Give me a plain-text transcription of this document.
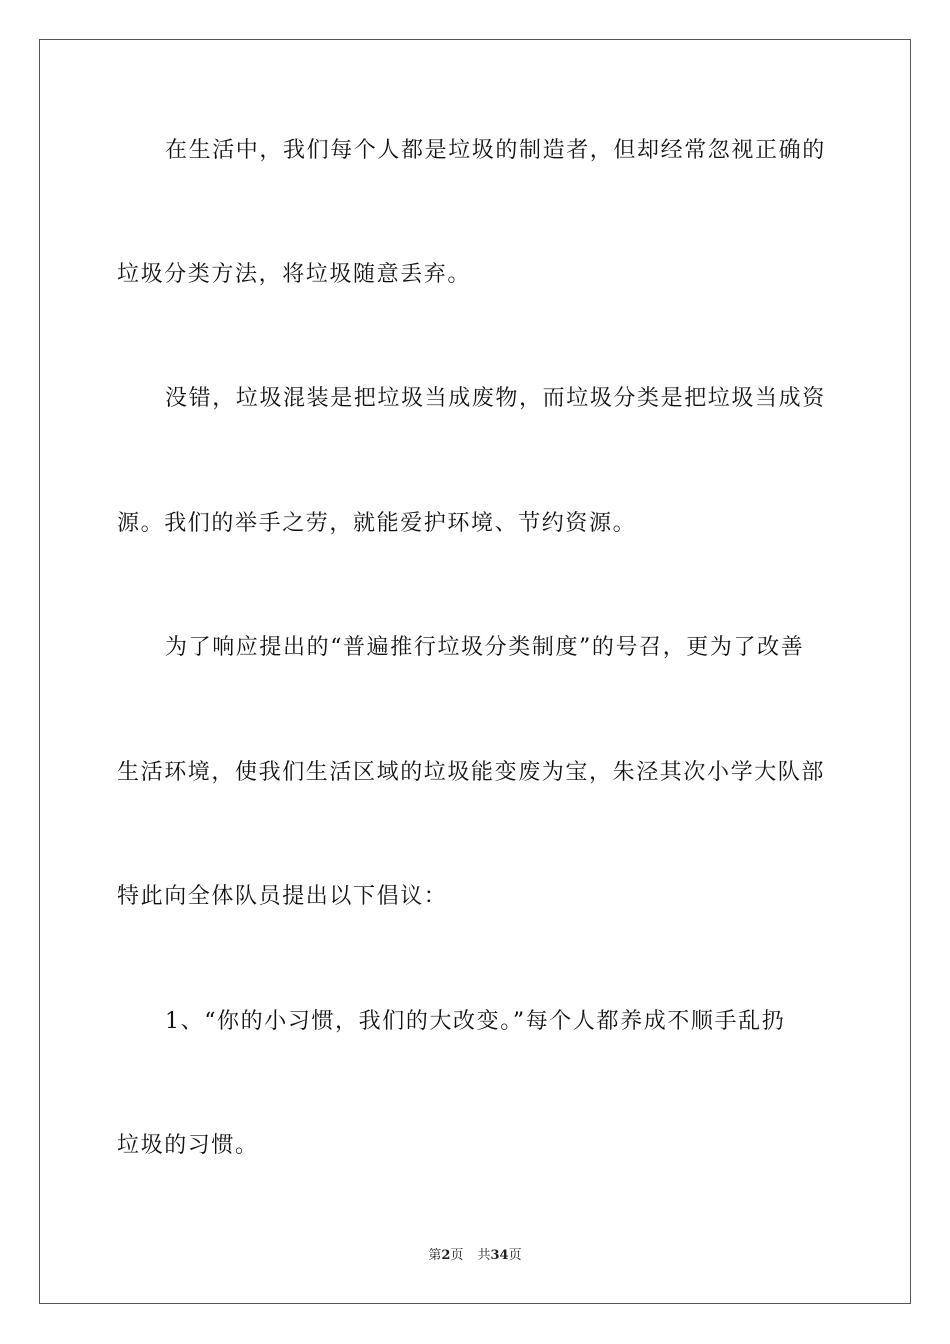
在生活中，我们每个人都是垃圾的制造者，但却经常忽视正确的
垃圾分类方法，将垃圾随意丢弃。
没错，垃圾混装是把垃圾当成废物，而垃圾分类是把垃圾当成资
源。我们的举手之劳，就能爱护环境、节约资源。
为了响应提出的“普遍推行垃圾分类制度”的号召，更为了改善
生活环境，使我们生活区域的垃圾能变废为宝，朱泾其次小学大队部
特此向全体队员提出以下倡议：
1、“你的小习惯，我们的大改变。”每个人都养成不顺手乱扔
垃圾的习惯。
第2页 共34页
